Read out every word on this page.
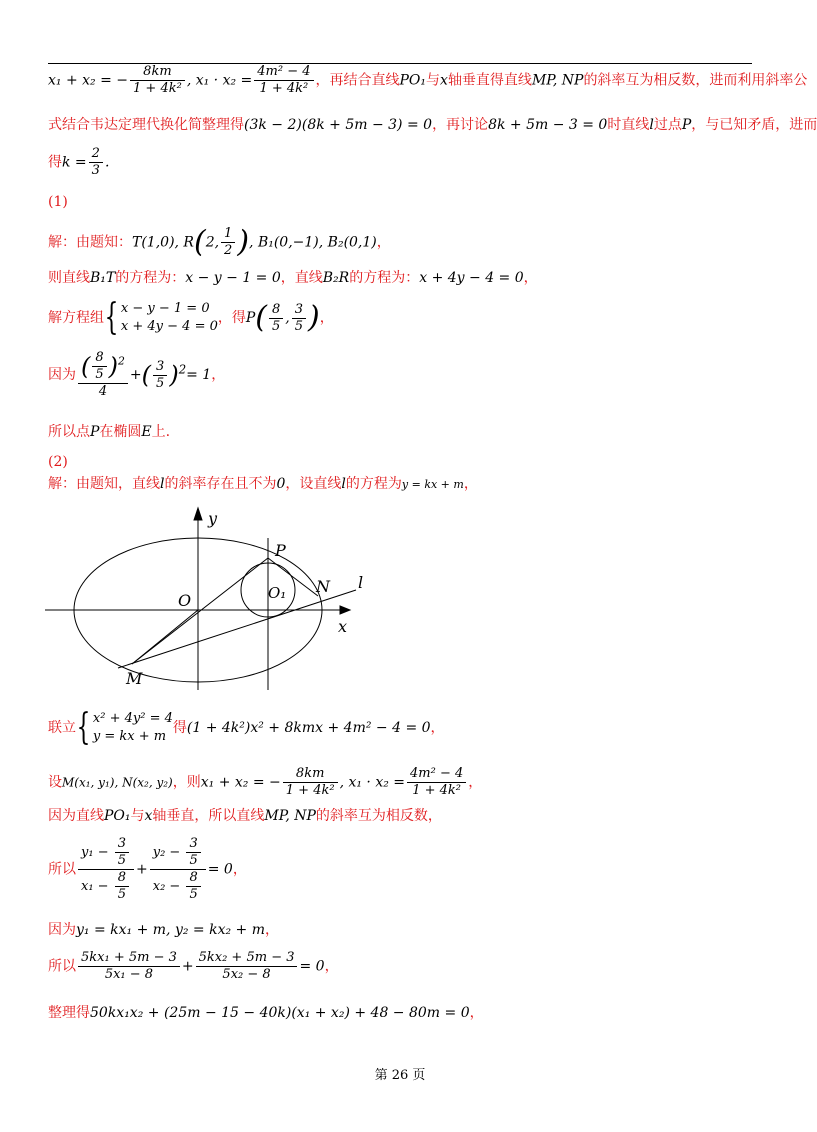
x₁ + x₂ = − $\frac{8km}{\text{1 + 4k²}}$ , $x_1 \cdot x_2 = \frac{\text{4m² − 4}}{\text{1 + 4k²}}$ ，再结合直线PO₁与x轴垂直得直线MP, NP的斜率互为相反数，进而利用斜率公
式结合韦达定理代换化简整理得(3k − 2)(8k + 5m − 3) = 0，再讨论8k + 5m − 3 = 0时直线l过点P，与已知矛盾，进而
得$k = \frac{2}{3}$ .
(1)
解：由题知：T(1,0), R(2, $\frac{1}{2}$ ), B₁(0,−1), B₂(0,1)，
则直线B₁T的方程为：x − y − 1 = 0，直线B₂R的方程为：x + 4y − 4 = 0，
解方程组{ x − y − 1 = 0
x + 4y − 4 = 0
，得$P( \frac{8}{5}$ , $\frac{3}{5}$ )，
因为 $\frac{( \frac{8}{5} )^2}{4}$ +( $\frac{3}{5} )^2= 1$，
所以点P在椭圆E上.
(2)
解：由题知，直线l的斜率存在且不为0，设直线l的方程为y = kx + m，
y
x
O
P
O₁ N l
M
联立{ x² + 4y² = 4
y = kx + m
得(1 + 4k²)x² + 8kmx + 4m² − 4 = 0，
设M(x₁, y₁), N(x₂, y₂)，则x₁ + x₂ = − $\frac{8km}{\text{1 + 4k²}}$ , $x_1 \cdot x_2 = \frac{\text{4m² − 4}}{\text{1 + 4k²}}$ ，
因为直线PO₁与x轴垂直，所以直线MP, NP的斜率互为相反数，
所以 $\frac{y_1 - \frac{3}{5}}{x_1 - \frac{8}{5}} + \frac{y_2 - \frac{3}{5}}{x_2 - \frac{8}{5}} = 0$，
因为y₁ = kx₁ + m, y₂ = kx₂ + m，
所以 $\frac{\text{5kx₁ + 5m − 3}}{\text{5x₁ − 8}} + \frac{\text{5kx₂ + 5m − 3}}{\text{5x₂ − 8}} = 0$，
整理得50kx₁x₂ + (25m − 15 − 40k)(x₁ + x₂) + 48 − 80m = 0，
第 26 页
